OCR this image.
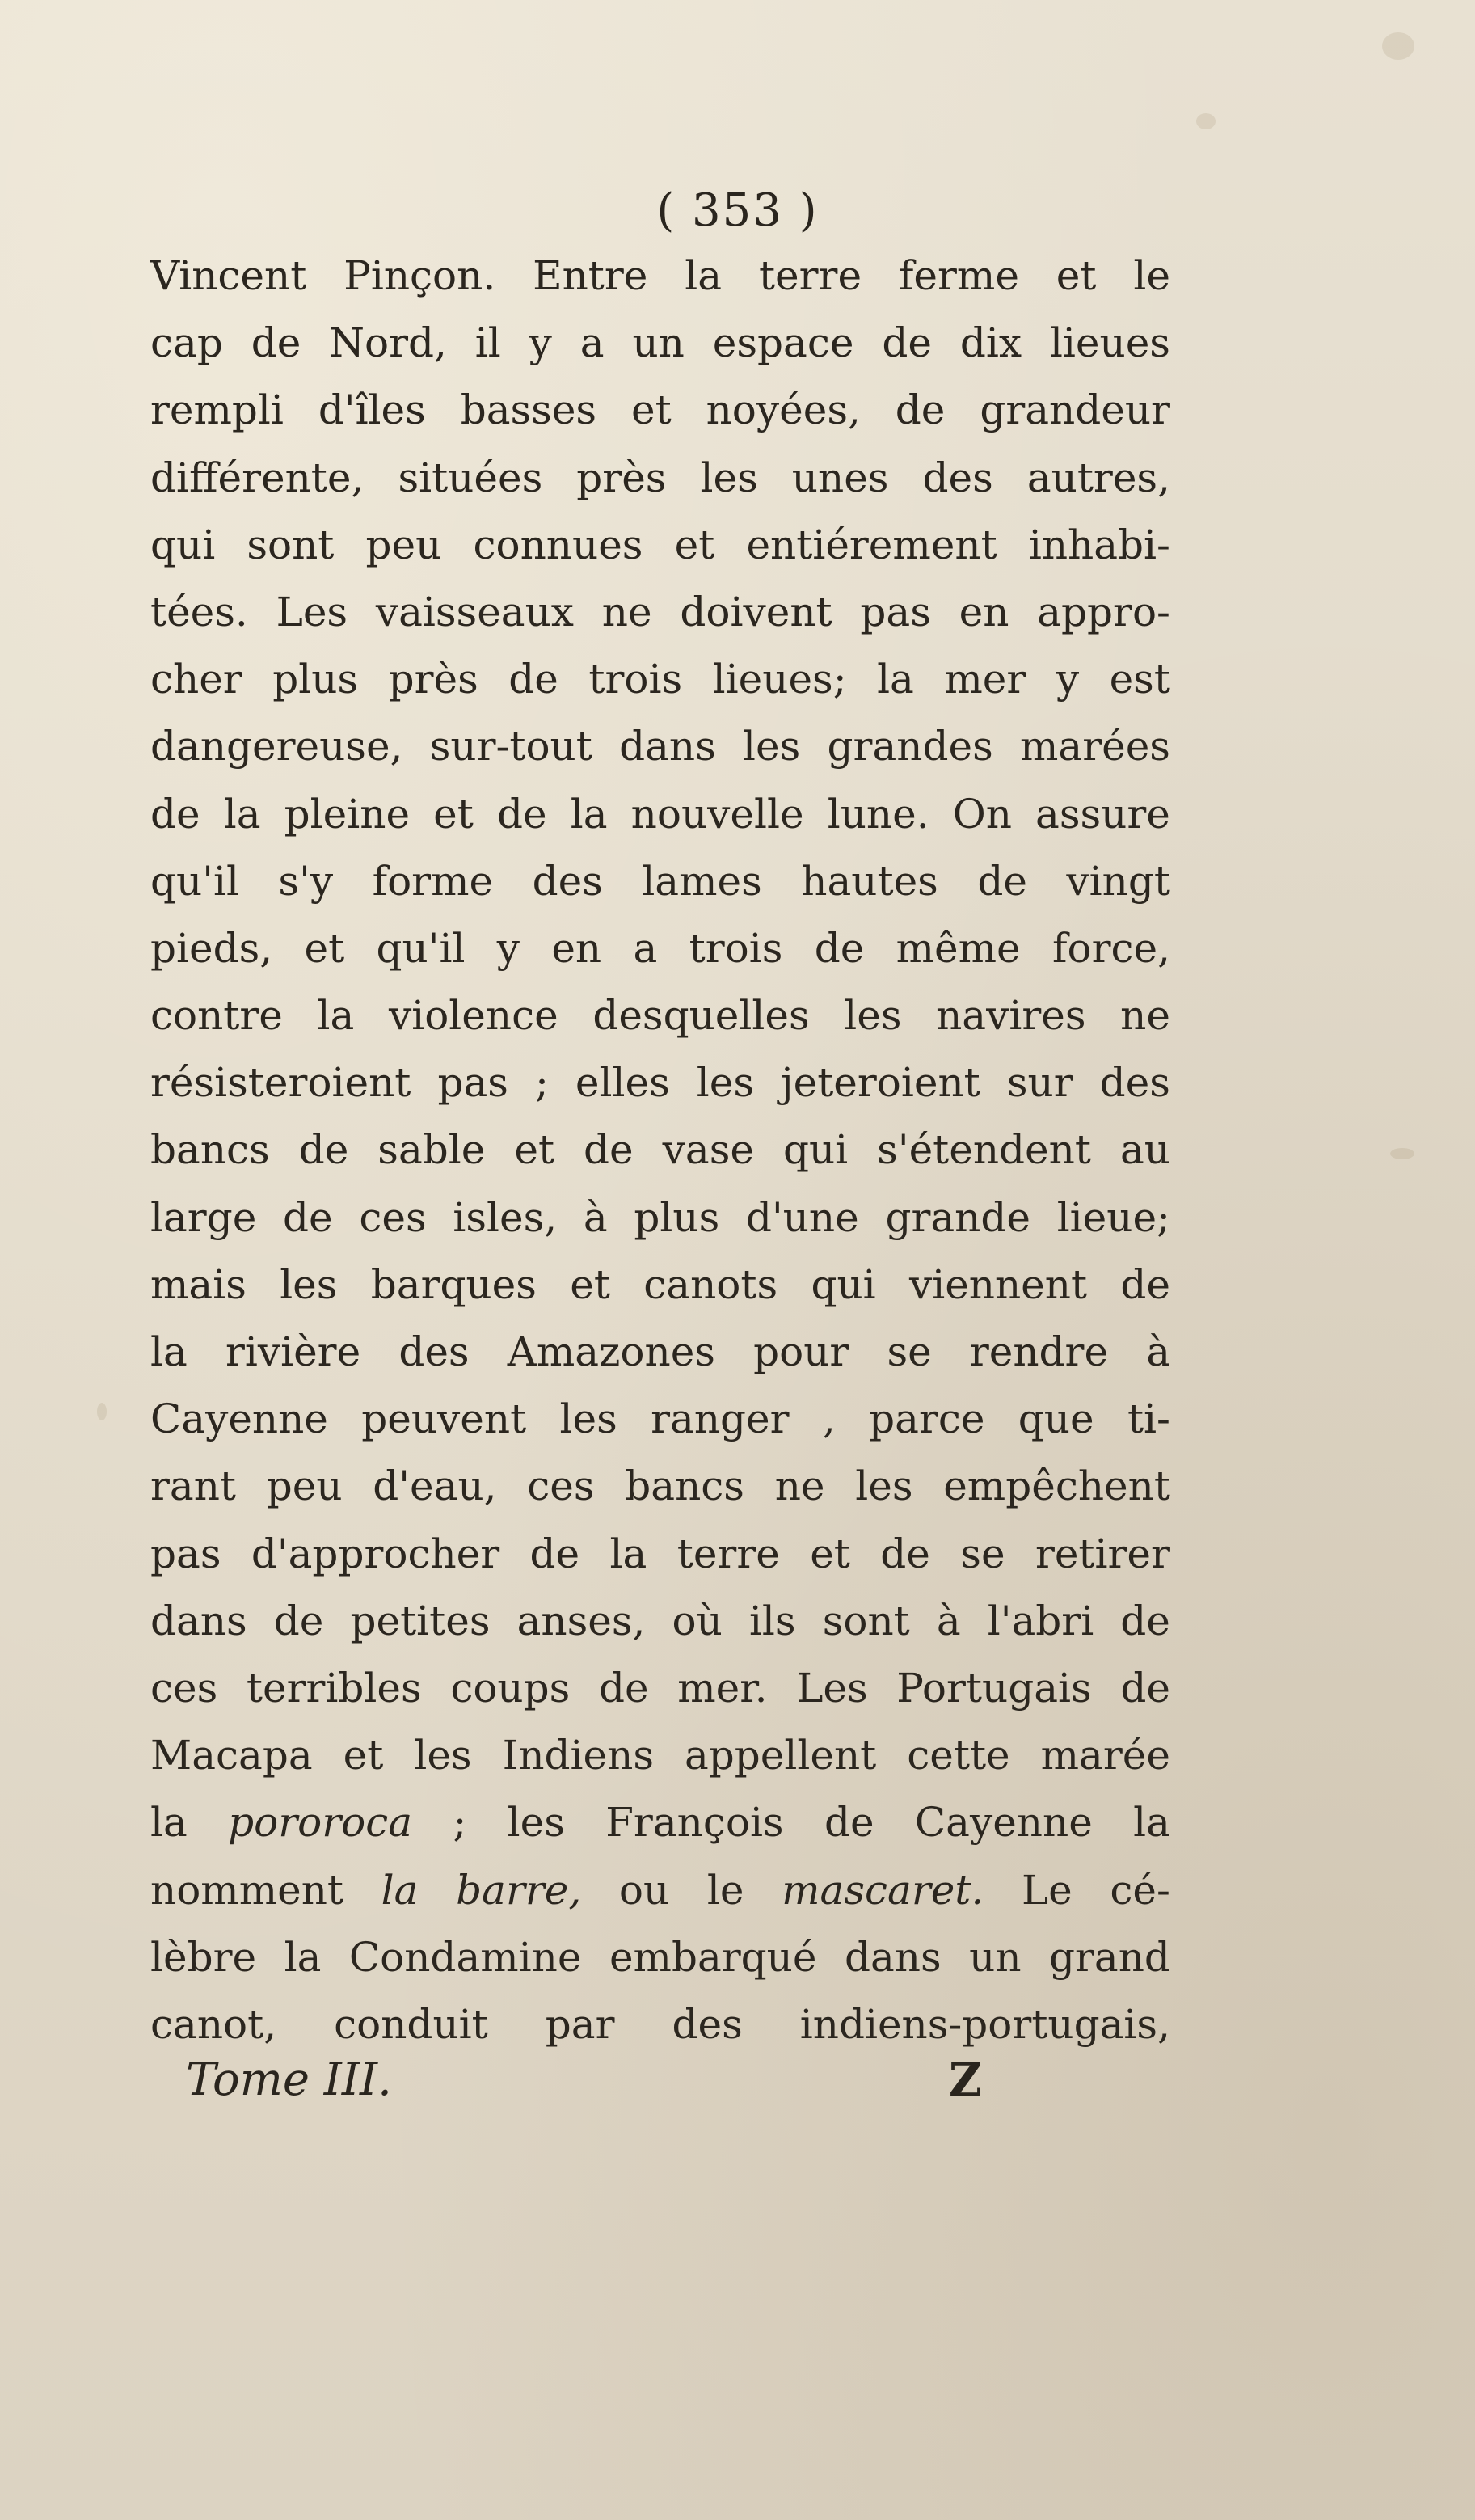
( 353 )
Vincent Pinçon. Entre la terre ferme et le
cap de Nord, il y a un espace de dix lieues
rempli d'îles basses et noyées, de grandeur
différente, situées près les unes des autres,
qui sont peu connues et entiérement inhabi-
tées. Les vaisseaux ne doivent pas en appro-
cher plus près de trois lieues; la mer y est
dangereuse, sur-tout dans les grandes marées
de la pleine et de la nouvelle lune. On assure
qu'il s'y forme des lames hautes de vingt
pieds, et qu'il y en a trois de même force,
contre la violence desquelles les navires ne
résisteroient pas ; elles les jeteroient sur des
bancs de sable et de vase qui s'étendent au
large de ces isles, à plus d'une grande lieue;
mais les barques et canots qui viennent de
la rivière des Amazones pour se rendre à
Cayenne peuvent les ranger , parce que ti-
rant peu d'eau, ces bancs ne les empêchent
pas d'approcher de la terre et de se retirer
dans de petites anses, où ils sont à l'abri de
ces terribles coups de mer. Les Portugais de
Macapa et les Indiens appellent cette marée
la pororoca ; les François de Cayenne la
nomment la barre, ou le mascaret. Le cé-
lèbre la Condamine embarqué dans un grand
canot, conduit par des indiens-portugais,
Tome III.	Z
